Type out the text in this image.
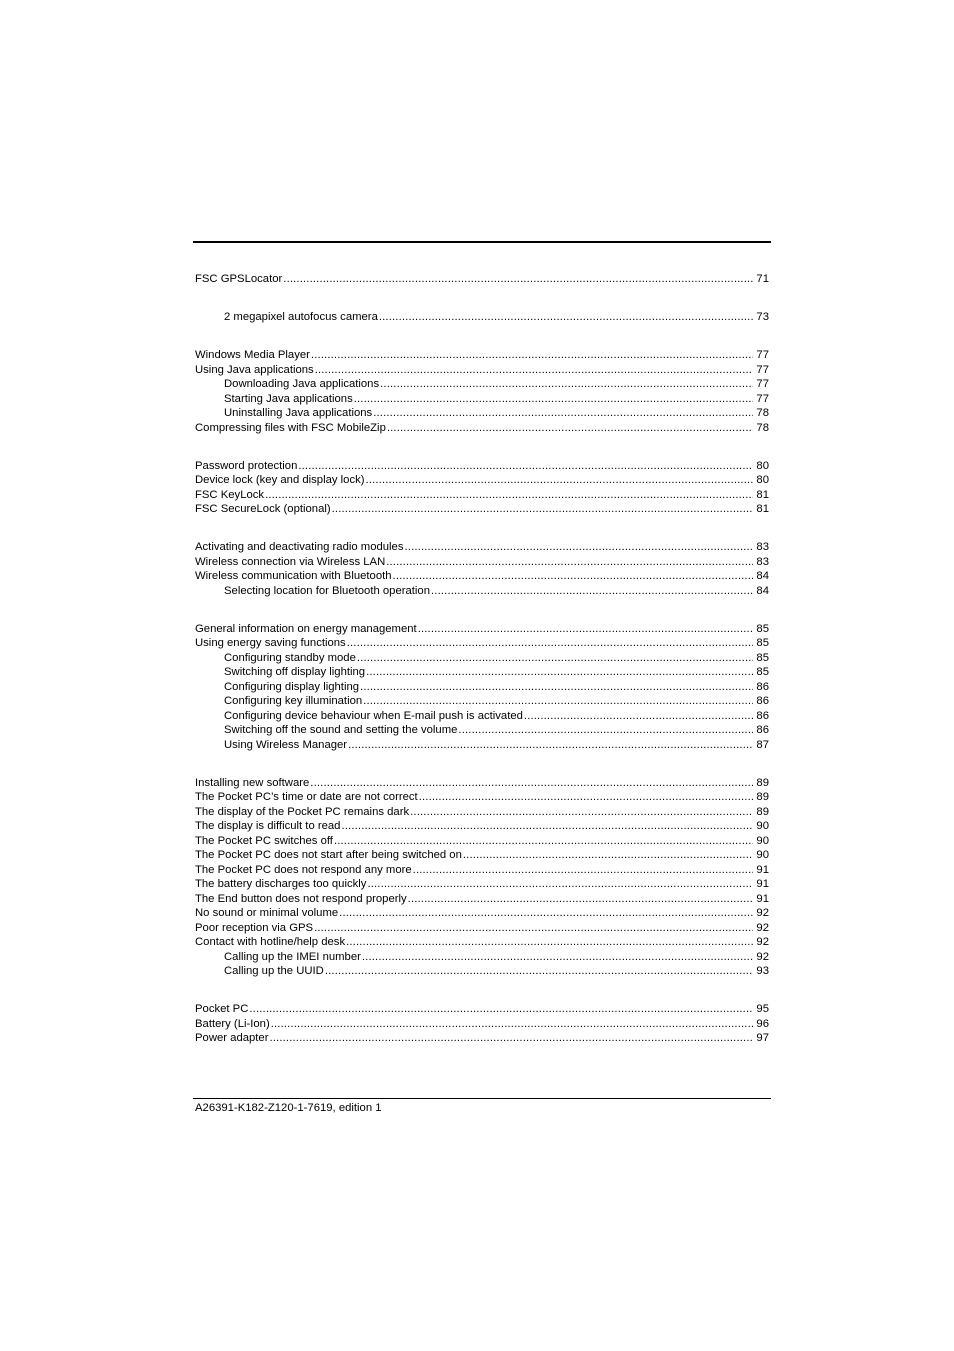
FSC GPSLocator .....	71
2 megapixel autofocus camera .....	73
Windows Media Player .....	77
Using Java applications .....	77
Downloading Java applications .....	77
Starting Java applications .....	77
Uninstalling Java applications .....	78
Compressing files with FSC MobileZip .....	78
Password protection .....	80
Device lock (key and display lock) .....	80
FSC KeyLock .....	81
FSC SecureLock (optional) .....	81
Activating and deactivating radio modules .....	83
Wireless connection via Wireless LAN .....	83
Wireless communication with Bluetooth .....	84
Selecting location for Bluetooth operation .....	84
General information on energy management .....	85
Using energy saving functions .....	85
Configuring standby mode .....	85
Switching off display lighting .....	85
Configuring display lighting .....	86
Configuring key illumination .....	86
Configuring device behaviour when E-mail push is activated .....	86
Switching off the sound and setting the volume .....	86
Using Wireless Manager .....	87
Installing new software .....	89
The Pocket PC’s time or date are not correct .....	89
The display of the Pocket PC remains dark .....	89
The display is difficult to read .....	90
The Pocket PC switches off .....	90
The Pocket PC does not start after being switched on .....	90
The Pocket PC does not respond any more .....	91
The battery discharges too quickly .....	91
The End button does not respond properly .....	91
No sound or minimal volume .....	92
Poor reception via GPS .....	92
Contact with hotline/help desk .....	92
Calling up the IMEI number .....	92
Calling up the UUID .....	93
Pocket PC .....	95
Battery (Li-Ion) .....	96
Power adapter .....	97
A26391-K182-Z120-1-7619, edition 1
